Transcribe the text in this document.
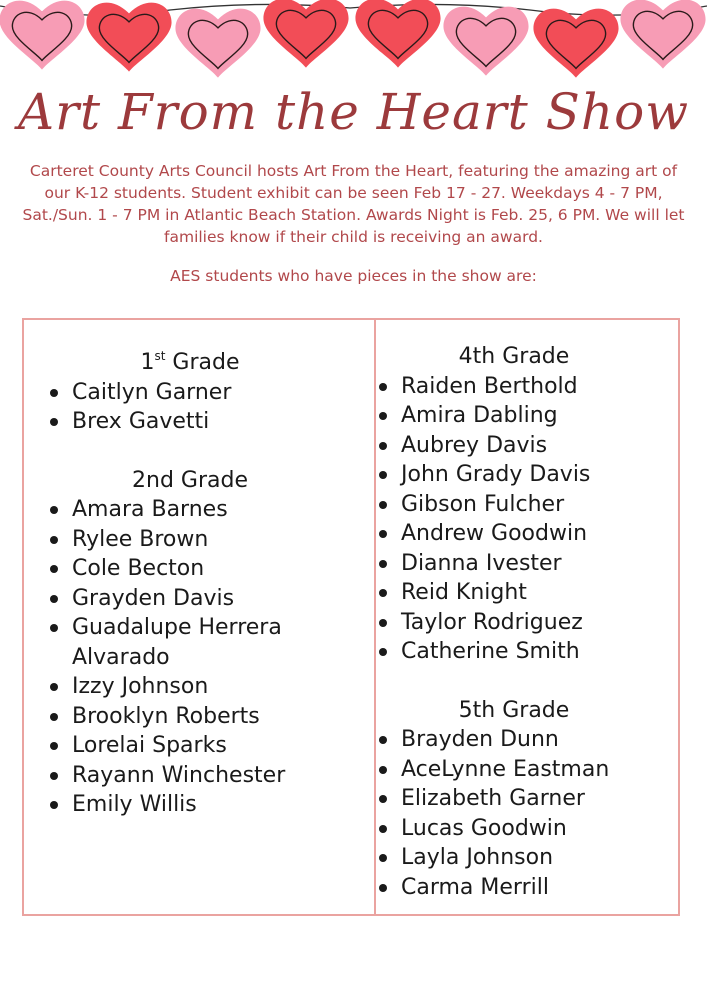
Art From the Heart Show
Carteret County Arts Council hosts Art From the Heart, featuring the amazing art of our K-12 students. Student exhibit can be seen Feb 17 - 27. Weekdays 4 - 7 PM, Sat./Sun. 1 - 7 PM in Atlantic Beach Station. Awards Night is Feb. 25, 6 PM. We will let families know if their child is receiving an award.
AES students who have pieces in the show are:
1st Grade
Caitlyn Garner
Brex Gavetti
2nd Grade
Amara Barnes
Rylee Brown
Cole Becton
Grayden Davis
Guadalupe Herrera Alvarado
Izzy Johnson
Brooklyn Roberts
Lorelai Sparks
Rayann Winchester
Emily Willis
4th Grade
Raiden Berthold
Amira Dabling
Aubrey Davis
John Grady Davis
Gibson Fulcher
Andrew Goodwin
Dianna Ivester
Reid Knight
Taylor Rodriguez
Catherine Smith
5th Grade
Brayden Dunn
AceLynne Eastman
Elizabeth Garner
Lucas Goodwin
Layla Johnson
Carma Merrill
